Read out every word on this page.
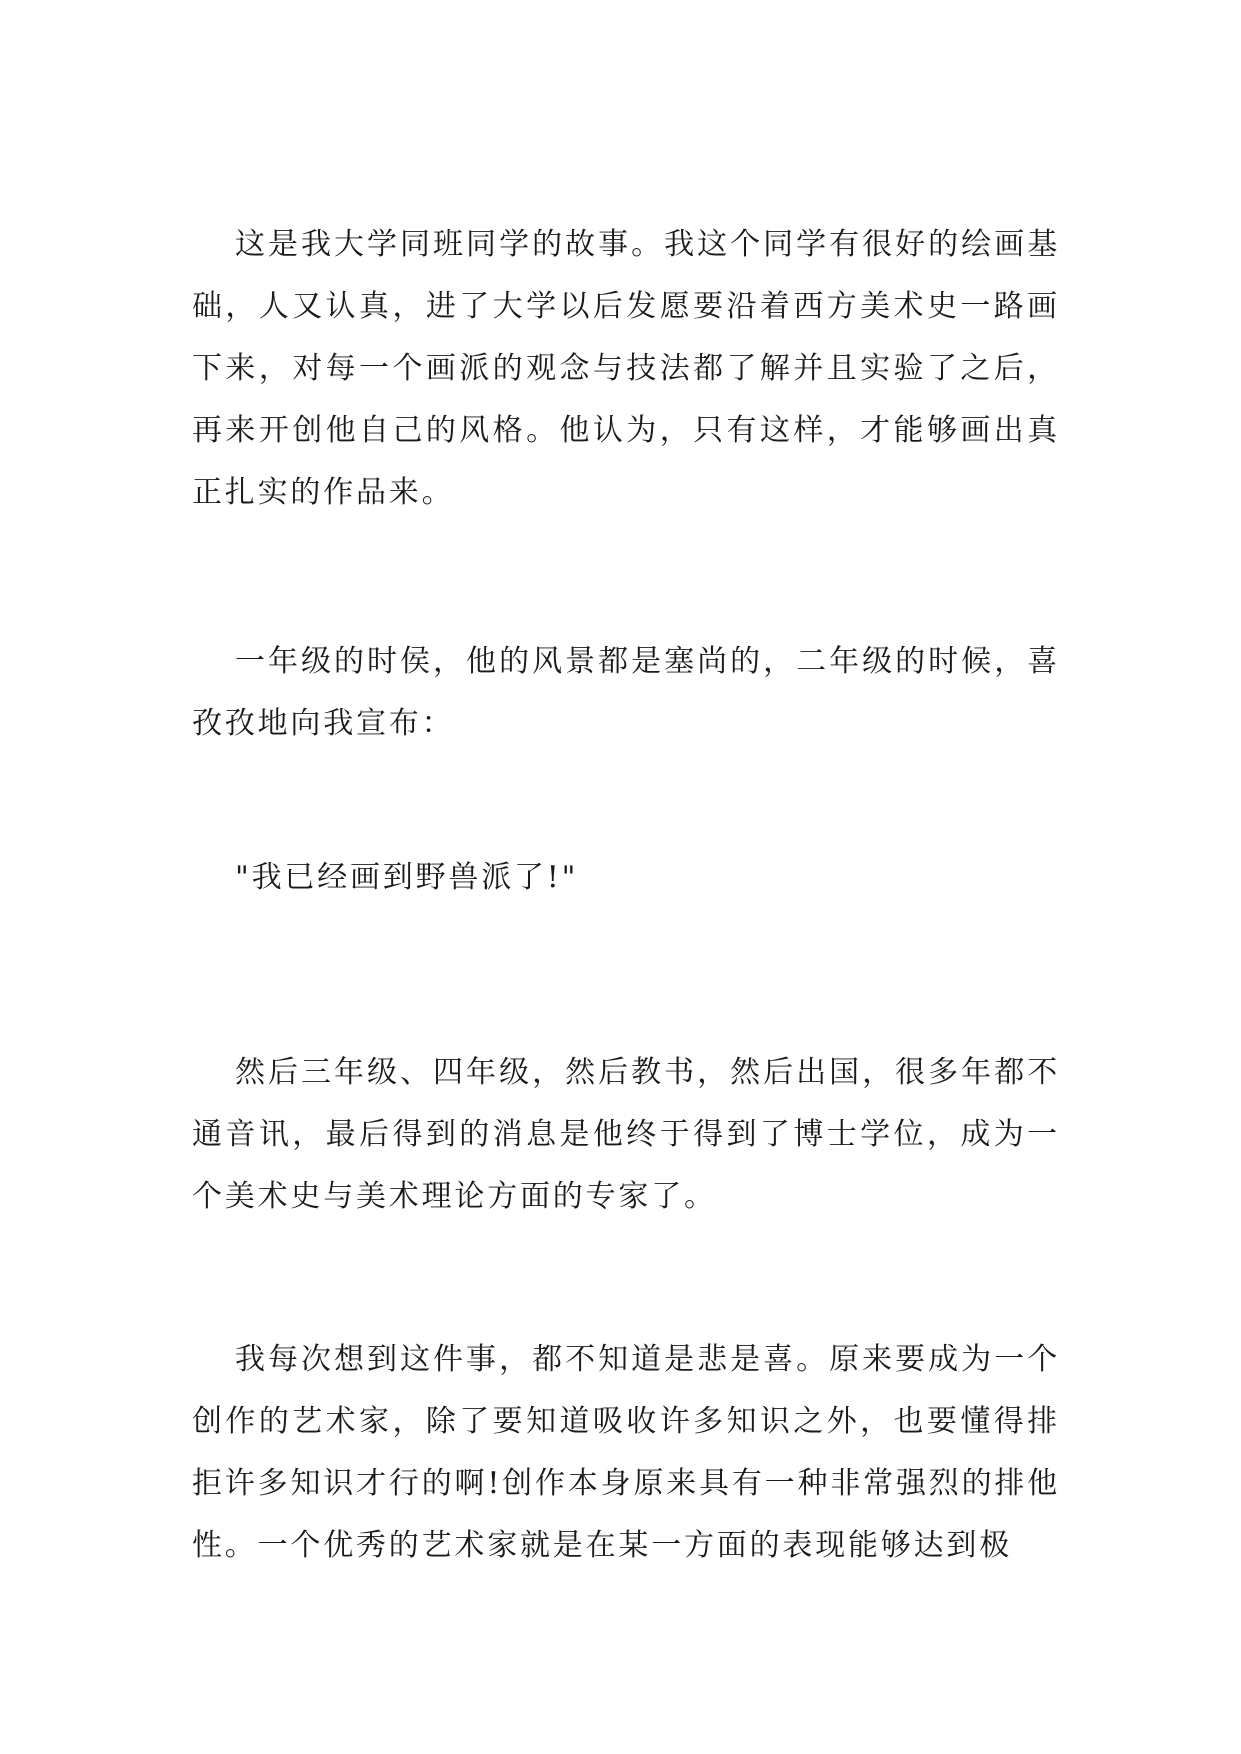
这是我大学同班同学的故事。我这个同学有很好的绘画基础，人又认真，进了大学以后发愿要沿着西方美术史一路画下来，对每一个画派的观念与技法都了解并且实验了之后，再来开创他自己的风格。他认为，只有这样，才能够画出真正扎实的作品来。

一年级的时侯，他的风景都是塞尚的，二年级的时候，喜孜孜地向我宣布：

"我已经画到野兽派了!"

然后三年级、四年级，然后教书，然后出国，很多年都不通音讯，最后得到的消息是他终于得到了博士学位，成为一个美术史与美术理论方面的专家了。

我每次想到这件事，都不知道是悲是喜。原来要成为一个创作的艺术家，除了要知道吸收许多知识之外，也要懂得排拒许多知识才行的啊!创作本身原来具有一种非常强烈的排他性。一个优秀的艺术家就是在某一方面的表现能够达到极
